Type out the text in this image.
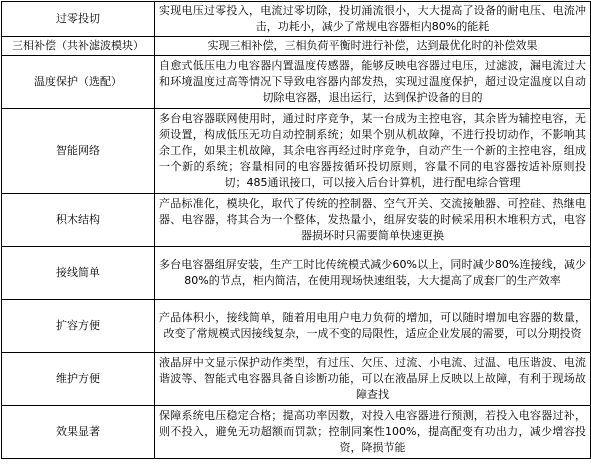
过零投切	实现电压过零投入，电流过零切除，投切涌流很小，大大提高了设备的耐电压、电流冲击，功耗小，减少了常规电容器柜内80%的能耗
三相补偿（共补滤波模块）	实现三相补偿，三相负荷平衡时进行补偿，达到最优化时的补偿效果
温度保护（选配）	自愈式低压电力电容器内置温度传感器，能够反映电容器过电压，过滤波，漏电流过大和环境温度过高等情况下导致电容器内部发热，实现过温度保护，超过设定温度以自动切除电容器，退出运行，达到保护设备的目的
智能网络	多台电容器联网使用时，通过时序竞争，某一台成为主控电容，其余皆为辅控电容，无须设置，构成低压无功自动控制系统；如果个别从机故障，不进行投切动作，不影响其余工作，如果主机故障，其余电容再经过时序竞争，自动产生一个新的主控电容，组成一个新的系统；容量相同的电容器按循环投切原则，容量不同的电容器按适补原则投切；485通讯接口，可以接入后台计算机，进行配电综合管理
积木结构	产品标准化，模块化，取代了传统的控制器、空气开关、交流接触器、可控硅、热继电器、电容器，将其合为一个整体，发热量小，组屏安装的时候采用积木堆积方式，电容器损坏时只需要简单快速更换
接线简单	多台电容器组屏安装，生产工时比传统模式减少60%以上，同时减少80%连接线，减少80%的节点，柜内简洁，在使用现场快速组装，大大提高了成套厂的生产效率
扩容方便	产品体积小，接线简单，随着用电用户电力负荷的增加，可以随时增加电容器的数量，改变了常规模式因接线复杂，一成不变的局限性，适应企业发展的需要，可以分期投资
维护方便	液晶屏中文显示保护动作类型，有过压、欠压、过流、小电流、过温、电压谐波、电流谐波等、智能式电容器具备自诊断功能，可以在液晶屏上反映以上故障，有利于现场故障查找
效果显著	保障系统电压稳定合格；提高功率因数，对投入电容器进行预测，若投入电容器过补，则不投入，避免无功超额而罚款；控制同案性100%，提高配变有功出力，减少增容投资，降损节能
